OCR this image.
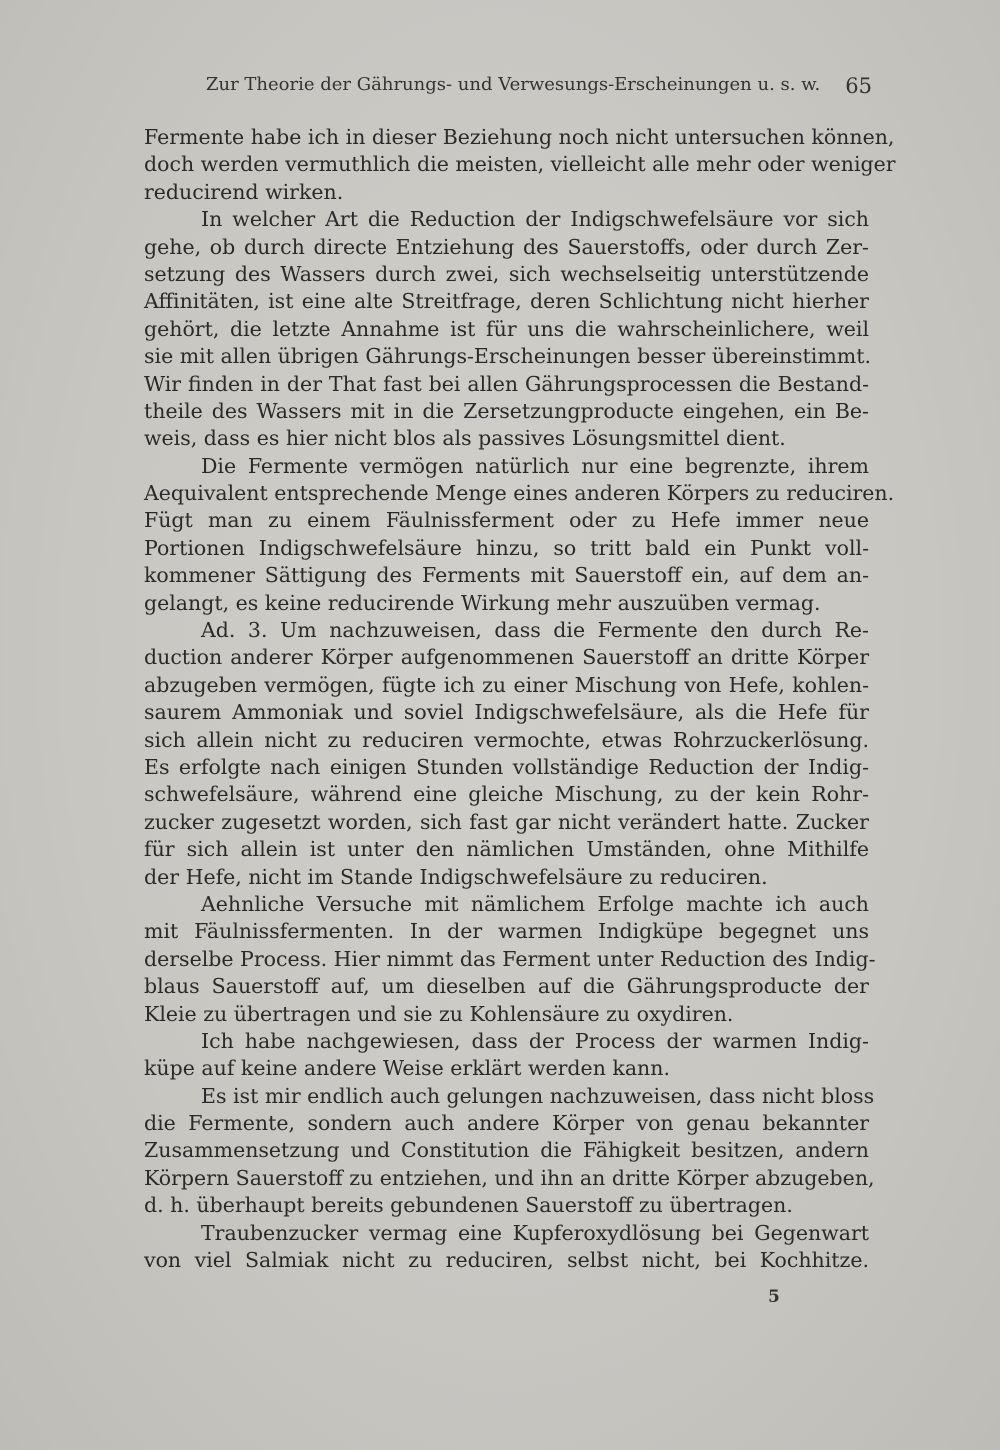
Zur Theorie der Gährungs- und Verwesungs-Erscheinungen u. s. w. 65
Fermente habe ich in dieser Beziehung noch nicht untersuchen können,
doch werden vermuthlich die meisten, vielleicht alle mehr oder weniger
reducirend wirken.
In welcher Art die Reduction der Indigschwefelsäure vor sich
gehe, ob durch directe Entziehung des Sauerstoffs, oder durch Zer-
setzung des Wassers durch zwei, sich wechselseitig unterstützende
Affinitäten, ist eine alte Streitfrage, deren Schlichtung nicht hierher
gehört, die letzte Annahme ist für uns die wahrscheinlichere, weil
sie mit allen übrigen Gährungs-Erscheinungen besser übereinstimmt.
Wir finden in der That fast bei allen Gährungsprocessen die Bestand-
theile des Wassers mit in die Zersetzungproducte eingehen, ein Be-
weis, dass es hier nicht blos als passives Lösungsmittel dient.
Die Fermente vermögen natürlich nur eine begrenzte, ihrem
Aequivalent entsprechende Menge eines anderen Körpers zu reduciren.
Fügt man zu einem Fäulnissferment oder zu Hefe immer neue
Portionen Indigschwefelsäure hinzu, so tritt bald ein Punkt voll-
kommener Sättigung des Ferments mit Sauerstoff ein, auf dem an-
gelangt, es keine reducirende Wirkung mehr auszuüben vermag.
Ad. 3. Um nachzuweisen, dass die Fermente den durch Re-
duction anderer Körper aufgenommenen Sauerstoff an dritte Körper
abzugeben vermögen, fügte ich zu einer Mischung von Hefe, kohlen-
saurem Ammoniak und soviel Indigschwefelsäure, als die Hefe für
sich allein nicht zu reduciren vermochte, etwas Rohrzuckerlösung.
Es erfolgte nach einigen Stunden vollständige Reduction der Indig-
schwefelsäure, während eine gleiche Mischung, zu der kein Rohr-
zucker zugesetzt worden, sich fast gar nicht verändert hatte. Zucker
für sich allein ist unter den nämlichen Umständen, ohne Mithilfe
der Hefe, nicht im Stande Indigschwefelsäure zu reduciren.
Aehnliche Versuche mit nämlichem Erfolge machte ich auch
mit Fäulnissfermenten. In der warmen Indigküpe begegnet uns
derselbe Process. Hier nimmt das Ferment unter Reduction des Indig-
blaus Sauerstoff auf, um dieselben auf die Gährungsproducte der
Kleie zu übertragen und sie zu Kohlensäure zu oxydiren.
Ich habe nachgewiesen, dass der Process der warmen Indig-
küpe auf keine andere Weise erklärt werden kann.
Es ist mir endlich auch gelungen nachzuweisen, dass nicht bloss
die Fermente, sondern auch andere Körper von genau bekannter
Zusammensetzung und Constitution die Fähigkeit besitzen, andern
Körpern Sauerstoff zu entziehen, und ihn an dritte Körper abzugeben,
d. h. überhaupt bereits gebundenen Sauerstoff zu übertragen.
Traubenzucker vermag eine Kupferoxydlösung bei Gegenwart
von viel Salmiak nicht zu reduciren, selbst nicht, bei Kochhitze.
5
